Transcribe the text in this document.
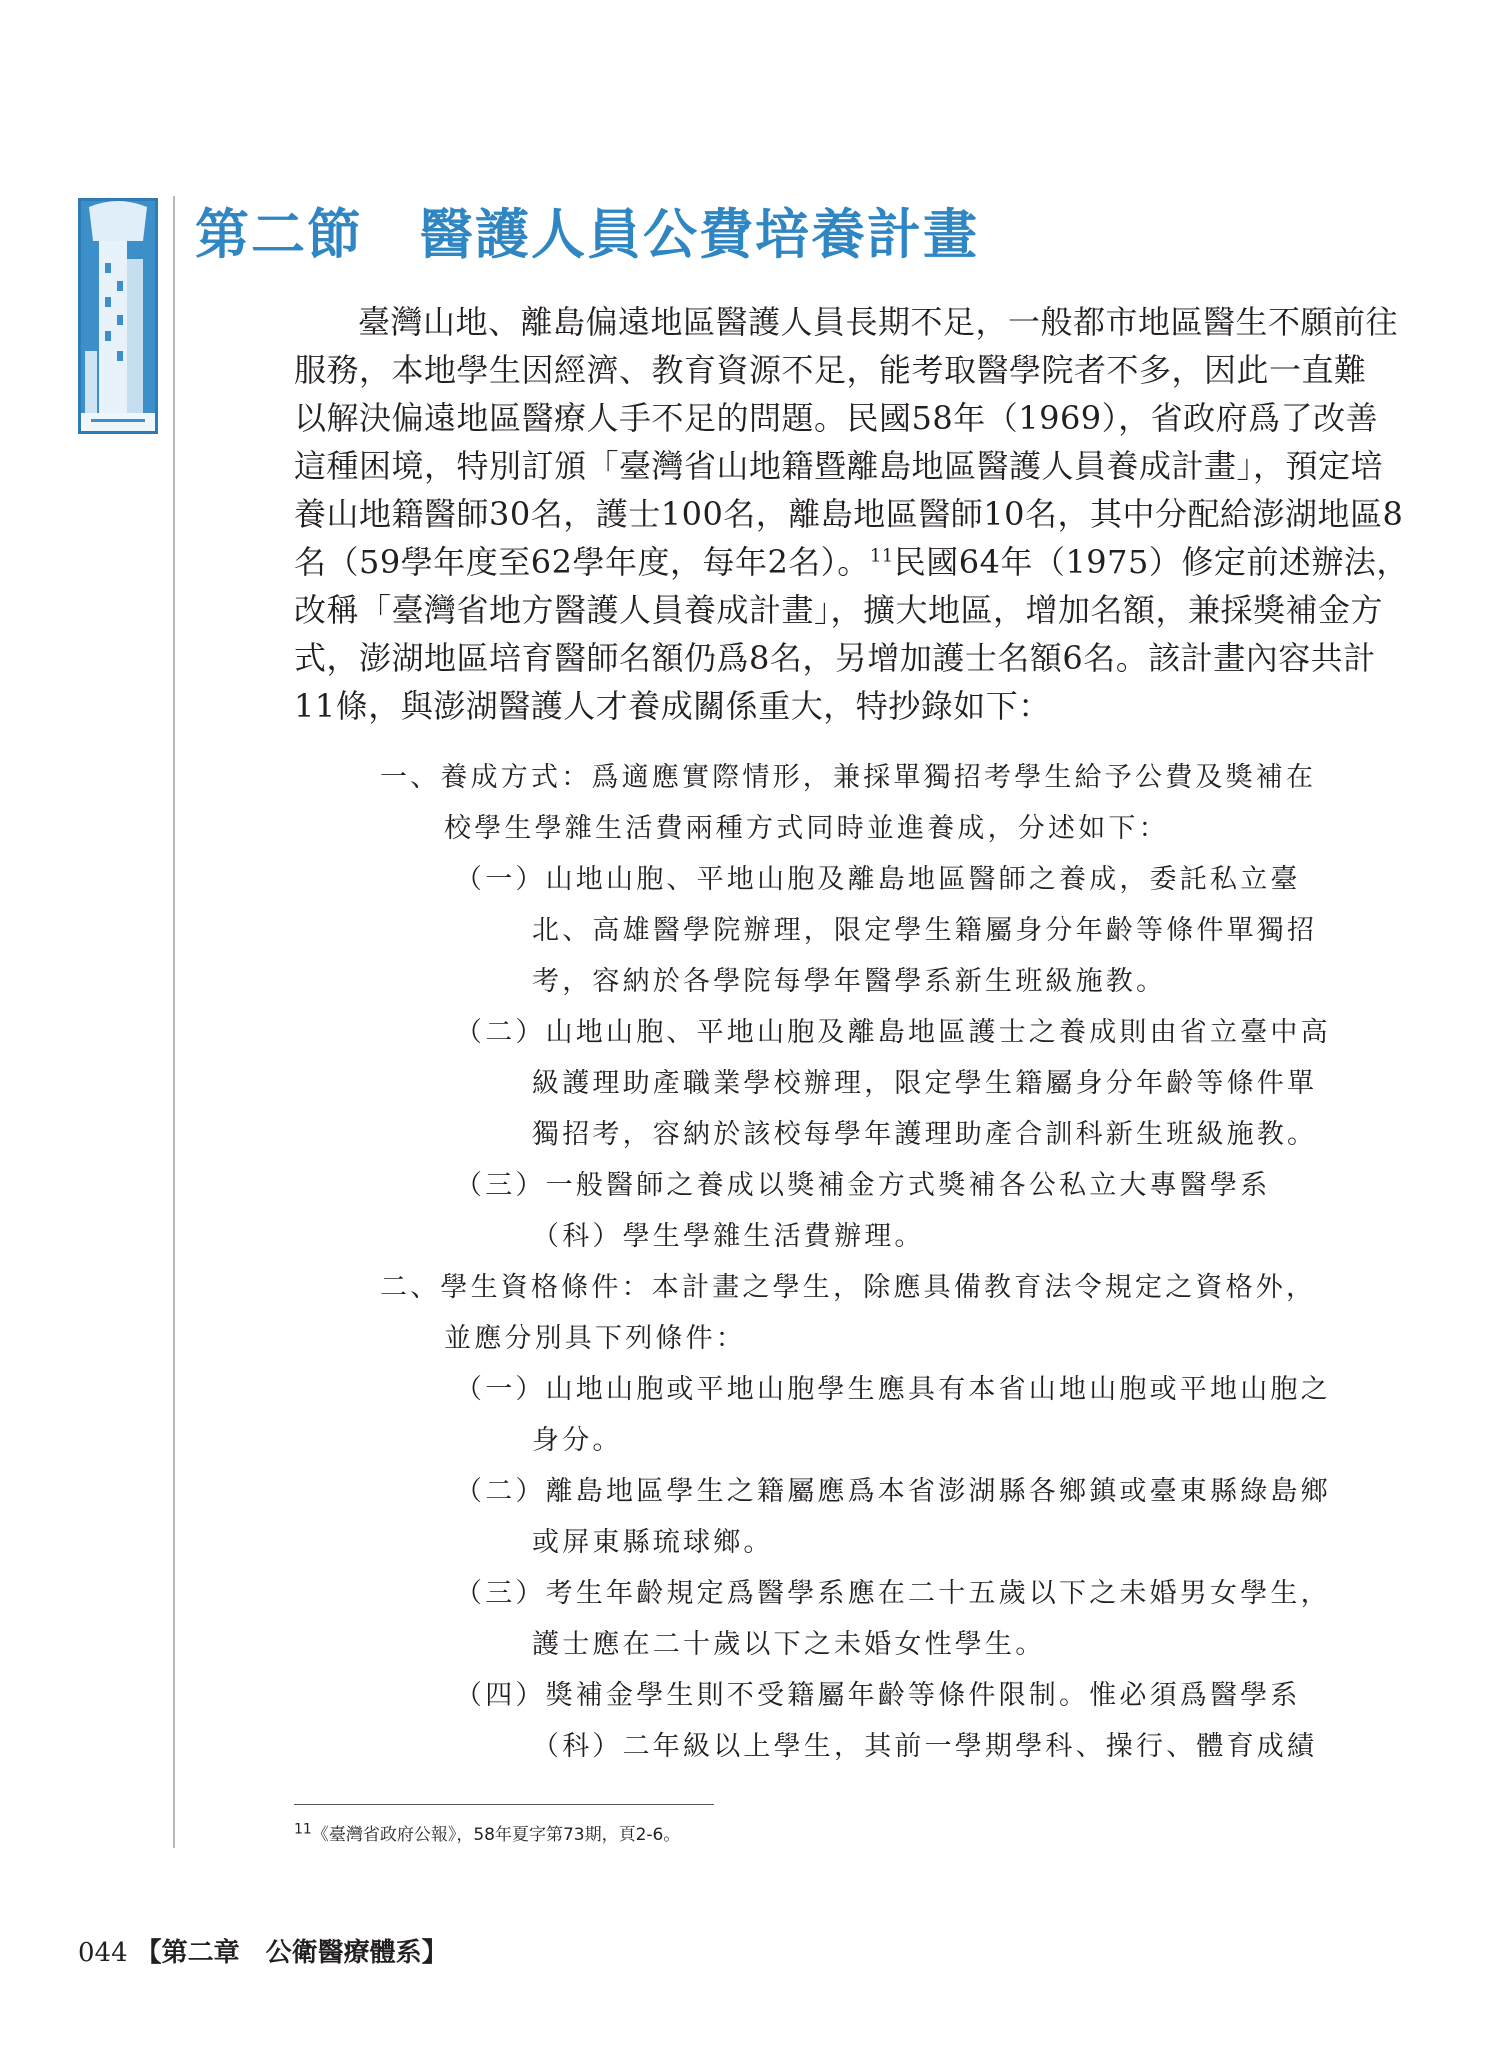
第二節 醫護人員公費培養計畫
臺灣山地、離島偏遠地區醫護人員長期不足，一般都市地區醫生不願前往
服務，本地學生因經濟、教育資源不足，能考取醫學院者不多，因此一直難
以解決偏遠地區醫療人手不足的問題。民國58年（1969），省政府爲了改善
這種困境，特別訂頒「臺灣省山地籍暨離島地區醫護人員養成計畫」，預定培
養山地籍醫師30名，護士100名，離島地區醫師10名，其中分配給澎湖地區8
名（59學年度至62學年度，每年2名）。$^{11}$民國64年（1975）修定前述辦法，
改稱「臺灣省地方醫護人員養成計畫」，擴大地區，增加名額，兼採獎補金方
式，澎湖地區培育醫師名額仍爲8名，另增加護士名額6名。該計畫內容共計
11條，與澎湖醫護人才養成關係重大，特抄錄如下：
一、養成方式：爲適應實際情形，兼採單獨招考學生給予公費及獎補在
校學生學雜生活費兩種方式同時並進養成，分述如下：
（一）山地山胞、平地山胞及離島地區醫師之養成，委託私立臺
北、高雄醫學院辦理，限定學生籍屬身分年齡等條件單獨招
考，容納於各學院每學年醫學系新生班級施教。
（二）山地山胞、平地山胞及離島地區護士之養成則由省立臺中高
級護理助產職業學校辦理，限定學生籍屬身分年齡等條件單
獨招考，容納於該校每學年護理助產合訓科新生班級施教。
（三）一般醫師之養成以獎補金方式獎補各公私立大專醫學系
（科）學生學雜生活費辦理。
二、學生資格條件：本計畫之學生，除應具備教育法令規定之資格外，
並應分別具下列條件：
（一）山地山胞或平地山胞學生應具有本省山地山胞或平地山胞之
身分。
（二）離島地區學生之籍屬應爲本省澎湖縣各鄉鎮或臺東縣綠島鄉
或屏東縣琉球鄉。
（三）考生年齡規定爲醫學系應在二十五歲以下之未婚男女學生，
護士應在二十歲以下之未婚女性學生。
（四）獎補金學生則不受籍屬年齡等條件限制。惟必須爲醫學系
（科）二年級以上學生，其前一學期學科、操行、體育成績
$^{11}$《臺灣省政府公報》，58年夏字第73期，頁2-6。
044 【第二章　公衛醫療體系】
